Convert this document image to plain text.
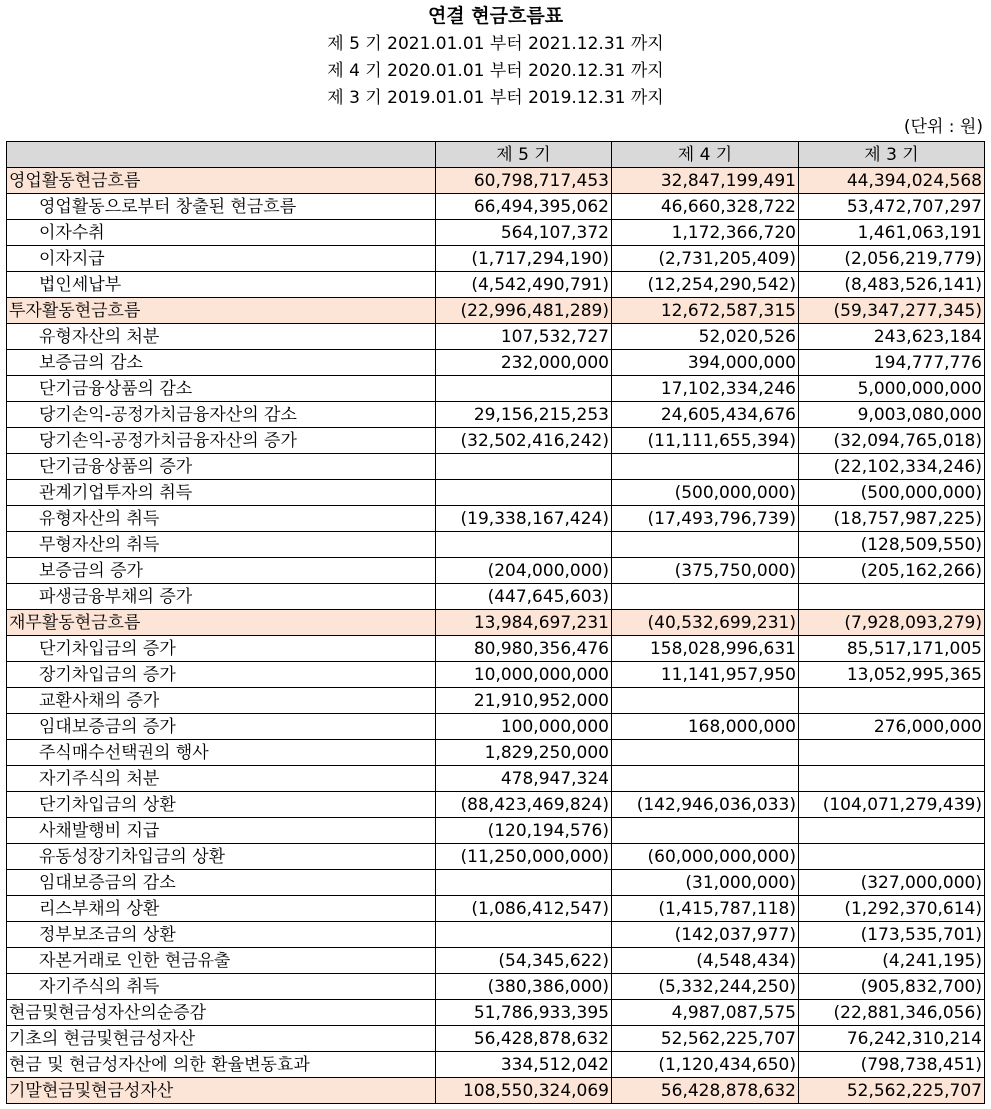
연결 현금흐름표
제 5 기 2021.01.01 부터 2021.12.31 까지
제 4 기 2020.01.01 부터 2020.12.31 까지
제 3 기 2019.01.01 부터 2019.12.31 까지
(단위 : 원)
	제 5 기	제 4 기	제 3 기
영업활동현금흐름	60,798,717,453	32,847,199,491	44,394,024,568
영업활동으로부터 창출된 현금흐름	66,494,395,062	46,660,328,722	53,472,707,297
이자수취	564,107,372	1,172,366,720	1,461,063,191
이자지급	(1,717,294,190)	(2,731,205,409)	(2,056,219,779)
법인세납부	(4,542,490,791)	(12,254,290,542)	(8,483,526,141)
투자활동현금흐름	(22,996,481,289)	12,672,587,315	(59,347,277,345)
유형자산의 처분	107,532,727	52,020,526	243,623,184
보증금의 감소	232,000,000	394,000,000	194,777,776
단기금융상품의 감소		17,102,334,246	5,000,000,000
당기손익-공정가치금융자산의 감소	29,156,215,253	24,605,434,676	9,003,080,000
당기손익-공정가치금융자산의 증가	(32,502,416,242)	(11,111,655,394)	(32,094,765,018)
단기금융상품의 증가			(22,102,334,246)
관계기업투자의 취득		(500,000,000)	(500,000,000)
유형자산의 취득	(19,338,167,424)	(17,493,796,739)	(18,757,987,225)
무형자산의 취득			(128,509,550)
보증금의 증가	(204,000,000)	(375,750,000)	(205,162,266)
파생금융부채의 증가	(447,645,603)		
재무활동현금흐름	13,984,697,231	(40,532,699,231)	(7,928,093,279)
단기차입금의 증가	80,980,356,476	158,028,996,631	85,517,171,005
장기차입금의 증가	10,000,000,000	11,141,957,950	13,052,995,365
교환사채의 증가	21,910,952,000		
임대보증금의 증가	100,000,000	168,000,000	276,000,000
주식매수선택권의 행사	1,829,250,000		
자기주식의 처분	478,947,324		
단기차입금의 상환	(88,423,469,824)	(142,946,036,033)	(104,071,279,439)
사채발행비 지급	(120,194,576)		
유동성장기차입금의 상환	(11,250,000,000)	(60,000,000,000)	
임대보증금의 감소		(31,000,000)	(327,000,000)
리스부채의 상환	(1,086,412,547)	(1,415,787,118)	(1,292,370,614)
정부보조금의 상환		(142,037,977)	(173,535,701)
자본거래로 인한 현금유출	(54,345,622)	(4,548,434)	(4,241,195)
자기주식의 취득	(380,386,000)	(5,332,244,250)	(905,832,700)
현금및현금성자산의순증감	51,786,933,395	4,987,087,575	(22,881,346,056)
기초의 현금및현금성자산	56,428,878,632	52,562,225,707	76,242,310,214
현금 및 현금성자산에 의한 환율변동효과	334,512,042	(1,120,434,650)	(798,738,451)
기말현금및현금성자산	108,550,324,069	56,428,878,632	52,562,225,707
